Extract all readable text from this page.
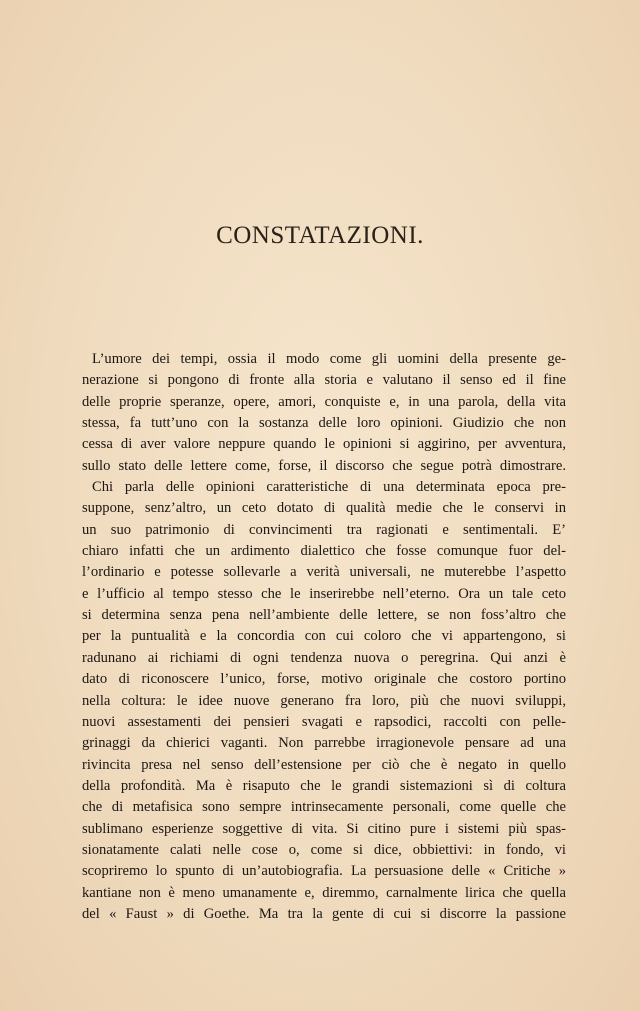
CONSTATAZIONI.
L’umore dei tempi, ossia il modo come gli uomini della presente ge-
nerazione si pongono di fronte alla storia e valutano il senso ed il fine
delle proprie speranze, opere, amori, conquiste e, in una parola, della vita
stessa, fa tutt’uno con la sostanza delle loro opinioni. Giudizio che non
cessa di aver valore neppure quando le opinioni si aggirino, per avventura,
sullo stato delle lettere come, forse, il discorso che segue potrà dimostrare.
Chi parla delle opinioni caratteristiche di una determinata epoca pre-
suppone, senz’altro, un ceto dotato di qualità medie che le conservi in
un suo patrimonio di convincimenti tra ragionati e sentimentali. E’
chiaro infatti che un ardimento dialettico che fosse comunque fuor del-
l’ordinario e potesse sollevarle a verità universali, ne muterebbe l’aspetto
e l’ufficio al tempo stesso che le inserirebbe nell’eterno. Ora un tale ceto
si determina senza pena nell’ambiente delle lettere, se non foss’altro che
per la puntualità e la concordia con cui coloro che vi appartengono, si
radunano ai richiami di ogni tendenza nuova o peregrina. Qui anzi è
dato di riconoscere l’unico, forse, motivo originale che costoro portino
nella coltura: le idee nuove generano fra loro, più che nuovi sviluppi,
nuovi assestamenti dei pensieri svagati e rapsodici, raccolti con pelle-
grinaggi da chierici vaganti. Non parrebbe irragionevole pensare ad una
rivincita presa nel senso dell’estensione per ciò che è negato in quello
della profondità. Ma è risaputo che le grandi sistemazioni sì di coltura
che di metafisica sono sempre intrinsecamente personali, come quelle che
sublimano esperienze soggettive di vita. Si citino pure i sistemi più spas-
sionatamente calati nelle cose o, come si dice, obbiettivi: in fondo, vi
scopriremo lo spunto di un’autobiografia. La persuasione delle « Critiche »
kantiane non è meno umanamente e, diremmo, carnalmente lirica che quella
del « Faust » di Goethe. Ma tra la gente di cui si discorre la passione
